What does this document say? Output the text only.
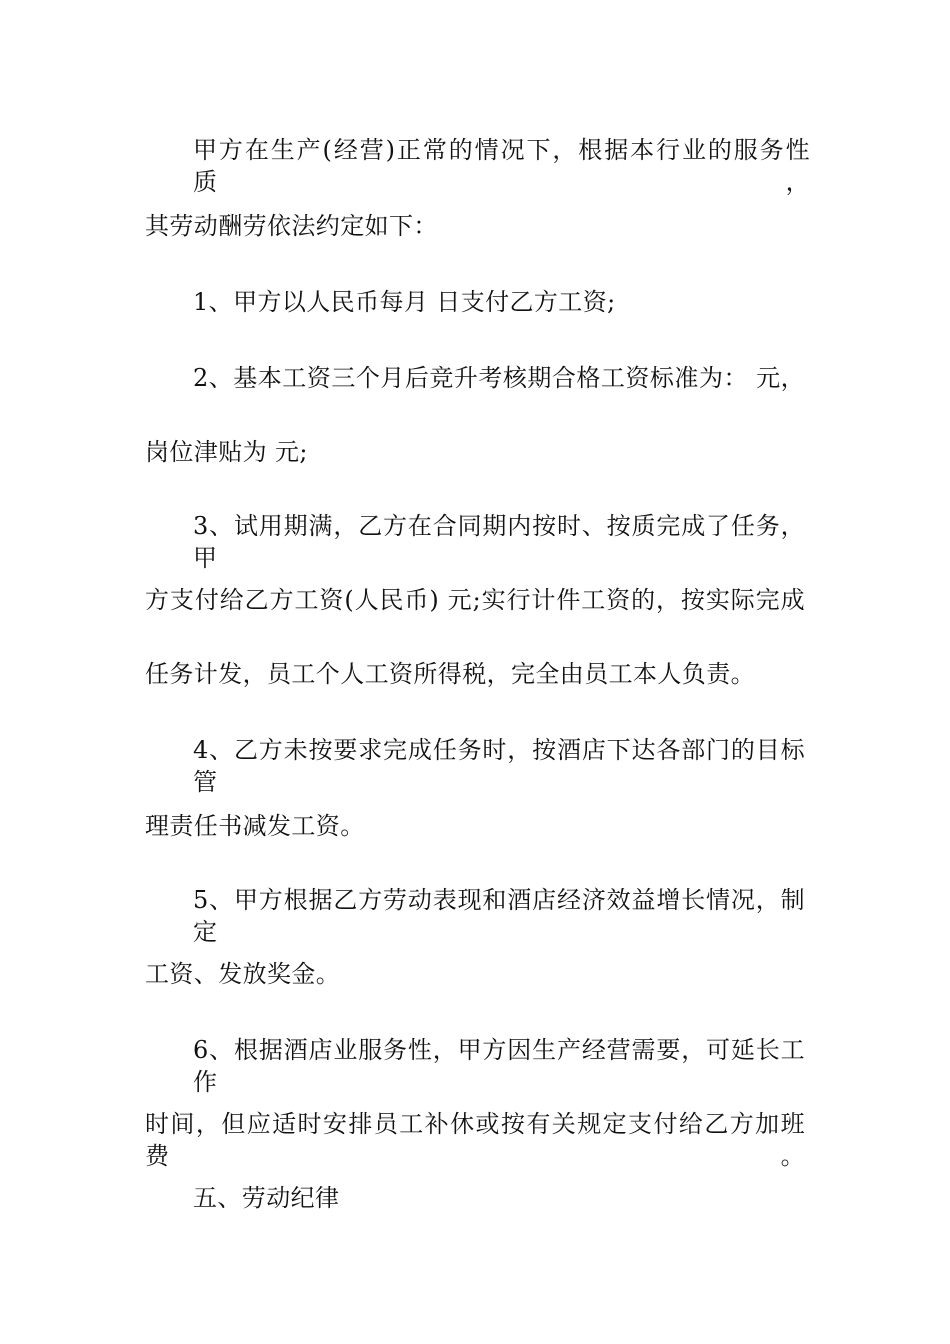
甲方在生产(经营)正常的情况下，根据本行业的服务性质，
其劳动酬劳依法约定如下：
1、甲方以人民币每月 日支付乙方工资;
2、基本工资三个月后竞升考核期合格工资标准为： 元，
岗位津贴为 元;
3、试用期满，乙方在合同期内按时、按质完成了任务，甲
方支付给乙方工资(人民币) 元;实行计件工资的，按实际完成
任务计发，员工个人工资所得税，完全由员工本人负责。
4、乙方未按要求完成任务时，按酒店下达各部门的目标管
理责任书减发工资。
5、甲方根据乙方劳动表现和酒店经济效益增长情况，制定
工资、发放奖金。
6、根据酒店业服务性，甲方因生产经营需要，可延长工作
时间，但应适时安排员工补休或按有关规定支付给乙方加班费。
五、劳动纪律
